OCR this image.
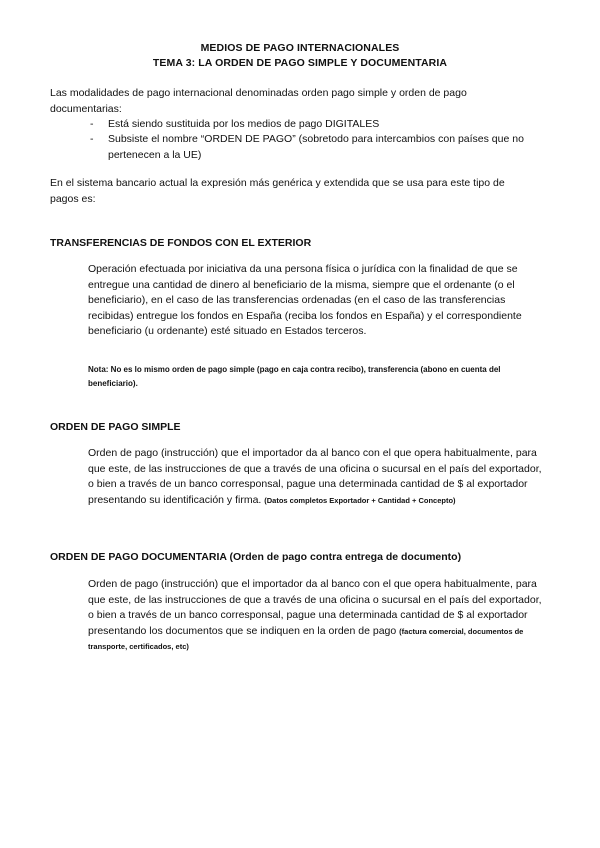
MEDIOS DE PAGO INTERNACIONALES
TEMA 3: LA ORDEN DE PAGO SIMPLE Y DOCUMENTARIA

Las modalidades de pago internacional denominadas orden pago simple y orden de pago documentarias:

- Está siendo sustituida por los medios de pago DIGITALES
- Subsiste el nombre “ORDEN DE PAGO” (sobretodo para intercambios con países que no pertenecen a la UE)

En el sistema bancario actual la expresión más genérica y extendida que se usa para este tipo de pagos es:

TRANSFERENCIAS DE FONDOS CON EL EXTERIOR

Operación efectuada por iniciativa da una persona física o jurídica con la finalidad de que se entregue una cantidad de dinero al beneficiario de la misma, siempre que el ordenante (o el beneficiario), en el caso de las transferencias ordenadas (en el caso de las transferencias recibidas) entregue los fondos en España (reciba los fondos en España) y el correspondiente beneficiario (u ordenante) esté situado en Estados terceros.

Nota: No es lo mismo orden de pago simple (pago en caja contra recibo), transferencia (abono en cuenta del beneficiario).

ORDEN DE PAGO SIMPLE

Orden de pago (instrucción) que el importador da al banco con el que opera habitualmente, para que este, de las instrucciones de que a través de una oficina o sucursal en el país del exportador, o bien a través de un banco corresponsal, pague una determinada cantidad de $ al exportador presentando su identificación y firma. (Datos completos Exportador + Cantidad + Concepto)

ORDEN DE PAGO DOCUMENTARIA (Orden de pago contra entrega de documento)

Orden de pago (instrucción) que el importador da al banco con el que opera habitualmente, para que este, de las instrucciones de que a través de una oficina o sucursal en el país del exportador, o bien a través de un banco corresponsal, pague una determinada cantidad de $ al exportador presentando los documentos que se indiquen en la orden de pago (factura comercial, documentos de transporte, certificados, etc)
